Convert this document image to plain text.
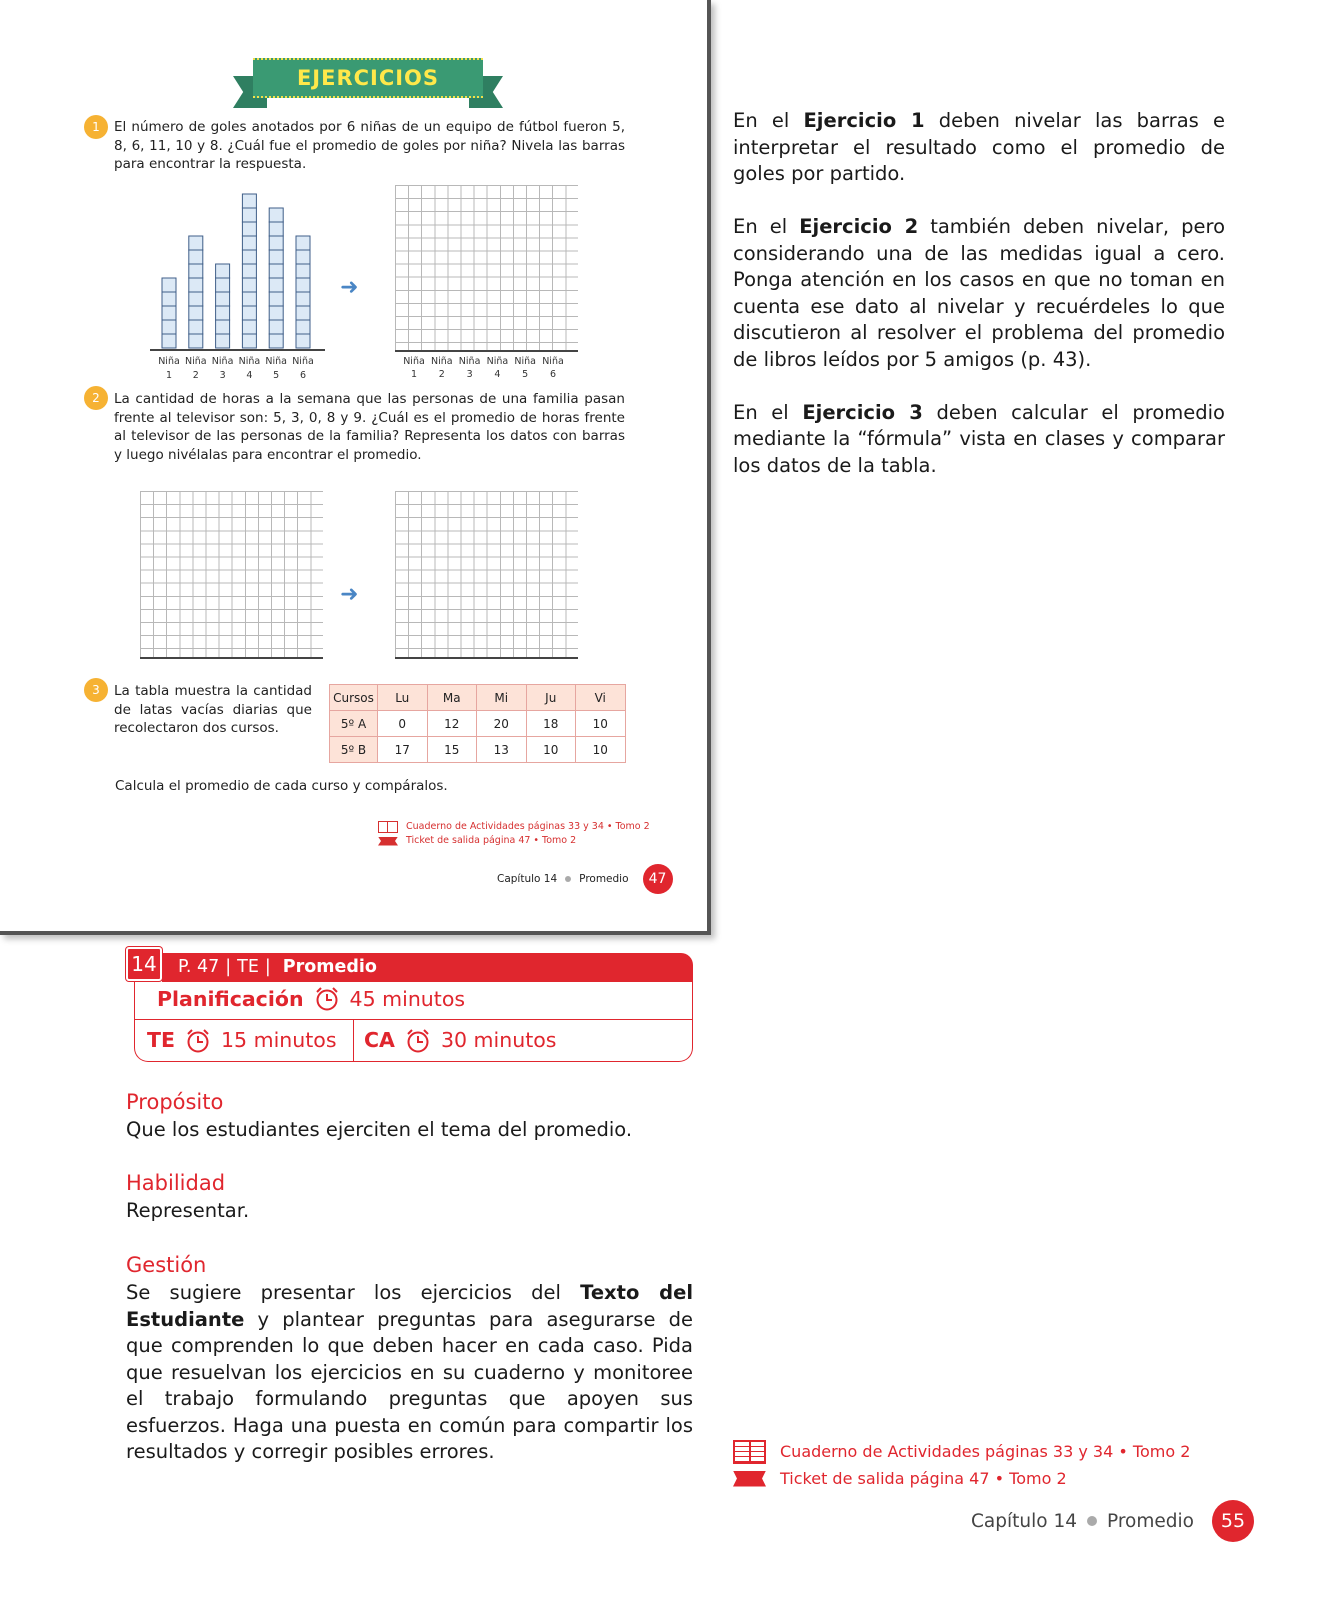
EJERCICIOS
1	El número de goles anotados por 6 niñas de un equipo de fútbol fueron 5, 8, 6, 11, 10 y 8. ¿Cuál fue el promedio de goles por niña? Nivela las barras para encontrar la respuesta.
Niña
1
Niña
2
Niña
3
Niña
4
Niña
5
Niña
6
➜
Niña
1
Niña
2
Niña
3
Niña
4
Niña
5
Niña
6
2	La cantidad de horas a la semana que las personas de una familia pasan frente al televisor son: 5, 3, 0, 8 y 9. ¿Cuál es el promedio de horas frente al televisor de las personas de la familia? Representa los datos con barras y luego nivélalas para encontrar el promedio.
➜
3	La tabla muestra la cantidad de latas vacías diarias que recolectaron dos cursos.
Cursos	Lu	Ma	Mi	Ju	Vi
5º A	0	12	20	18	10
5º B	17	15	13	10	10
Calcula el promedio de cada curso y compáralos.
Cuaderno de Actividades páginas 33 y 34 • Tomo 2
Ticket de salida página 47 • Tomo 2
Capítulo 14 Promedio	47

En el Ejercicio 1 deben nivelar las barras e interpretar el resultado como el promedio de goles por partido.

En el Ejercicio 2 también deben nivelar, pero considerando una de las medidas igual a cero. Ponga atención en los casos en que no toman en cuenta ese dato al nivelar y recuérdeles lo que discutieron al resolver el problema del promedio de libros leídos por 5 amigos (p. 43).

En el Ejercicio 3 deben calcular el promedio mediante la “fórmula” vista en clases y comparar los datos de la tabla.

P. 47 | TE | Promedio
14
Planificación 45 minutos
TE 15 minutos CA 30 minutos
Propósito
Que los estudiantes ejerciten el tema del promedio.
Habilidad
Representar.
Gestión
Se sugiere presentar los ejercicios del Texto del Estudiante y plantear preguntas para asegurarse de que comprenden lo que deben hacer en cada caso. Pida que resuelvan los ejercicios en su cuaderno y monitoree el trabajo formulando preguntas que apoyen sus esfuerzos. Haga una puesta en común para compartir los resultados y corregir posibles errores.	Cuaderno de Actividades páginas 33 y 34 • Tomo 2
Ticket de salida página 47 • Tomo 2
Capítulo 14 Promedio	55
